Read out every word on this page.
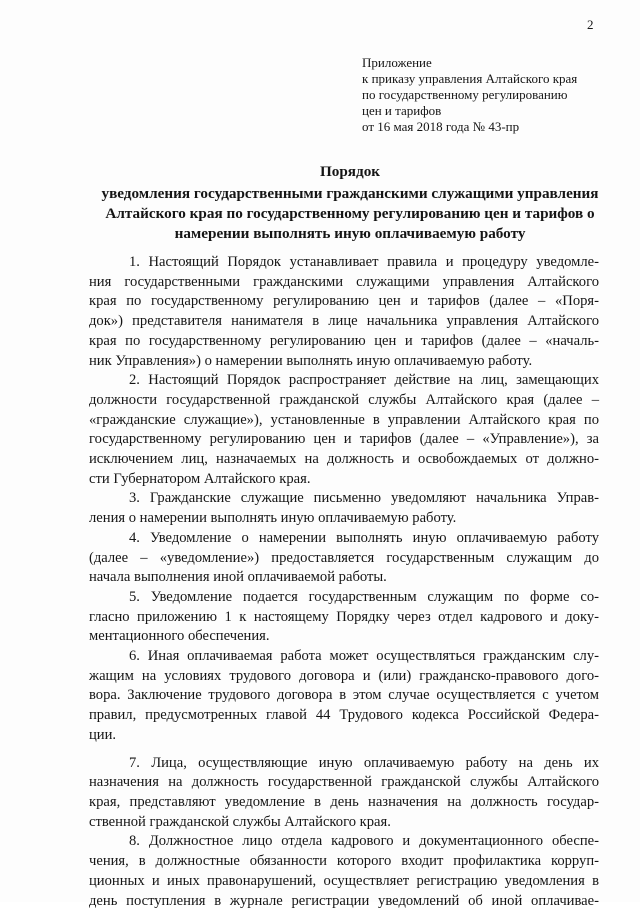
2
Приложение
к приказу управления Алтайского края
по государственному регулированию
цен и тарифов
от 16 мая 2018 года № 43-пр
Порядок
уведомления государственными гражданскими служащими управления
Алтайского края по государственному регулированию цен и тарифов о
намерении выполнять иную оплачиваемую работу
1. Настоящий Порядок устанавливает правила и процедуру уведомле-
ния государственными гражданскими служащими управления Алтайского
края по государственному регулированию цен и тарифов (далее – «Поря-
док») представителя нанимателя в лице начальника управления Алтайского
края по государственному регулированию цен и тарифов (далее – «началь-
ник Управления») о намерении выполнять иную оплачиваемую работу.
2. Настоящий Порядок распространяет действие на лиц, замещающих
должности государственной гражданской службы Алтайского края (далее –
«гражданские служащие»), установленные в управлении Алтайского края по
государственному регулированию цен и тарифов (далее – «Управление»), за
исключением лиц, назначаемых на должность и освобождаемых от должно-
сти Губернатором Алтайского края.
3. Гражданские служащие письменно уведомляют начальника Управ-
ления о намерении выполнять иную оплачиваемую работу.
4. Уведомление о намерении выполнять иную оплачиваемую работу
(далее – «уведомление») предоставляется государственным служащим до
начала выполнения иной оплачиваемой работы.
5. Уведомление подается государственным служащим по форме со-
гласно приложению 1 к настоящему Порядку через отдел кадрового и доку-
ментационного обеспечения.
6. Иная оплачиваемая работа может осуществляться гражданским слу-
жащим на условиях трудового договора и (или) гражданско-правового дого-
вора. Заключение трудового договора в этом случае осуществляется с учетом
правил, предусмотренных главой 44 Трудового кодекса Российской Федера-
ции.
7. Лица, осуществляющие иную оплачиваемую работу на день их
назначения на должность государственной гражданской службы Алтайского
края, представляют уведомление в день назначения на должность государ-
ственной гражданской службы Алтайского края.
8. Должностное лицо отдела кадрового и документационного обеспе-
чения, в должностные обязанности которого входит профилактика корруп-
ционных и иных правонарушений, осуществляет регистрацию уведомления в
день поступления в журнале регистрации уведомлений об иной оплачивае-
